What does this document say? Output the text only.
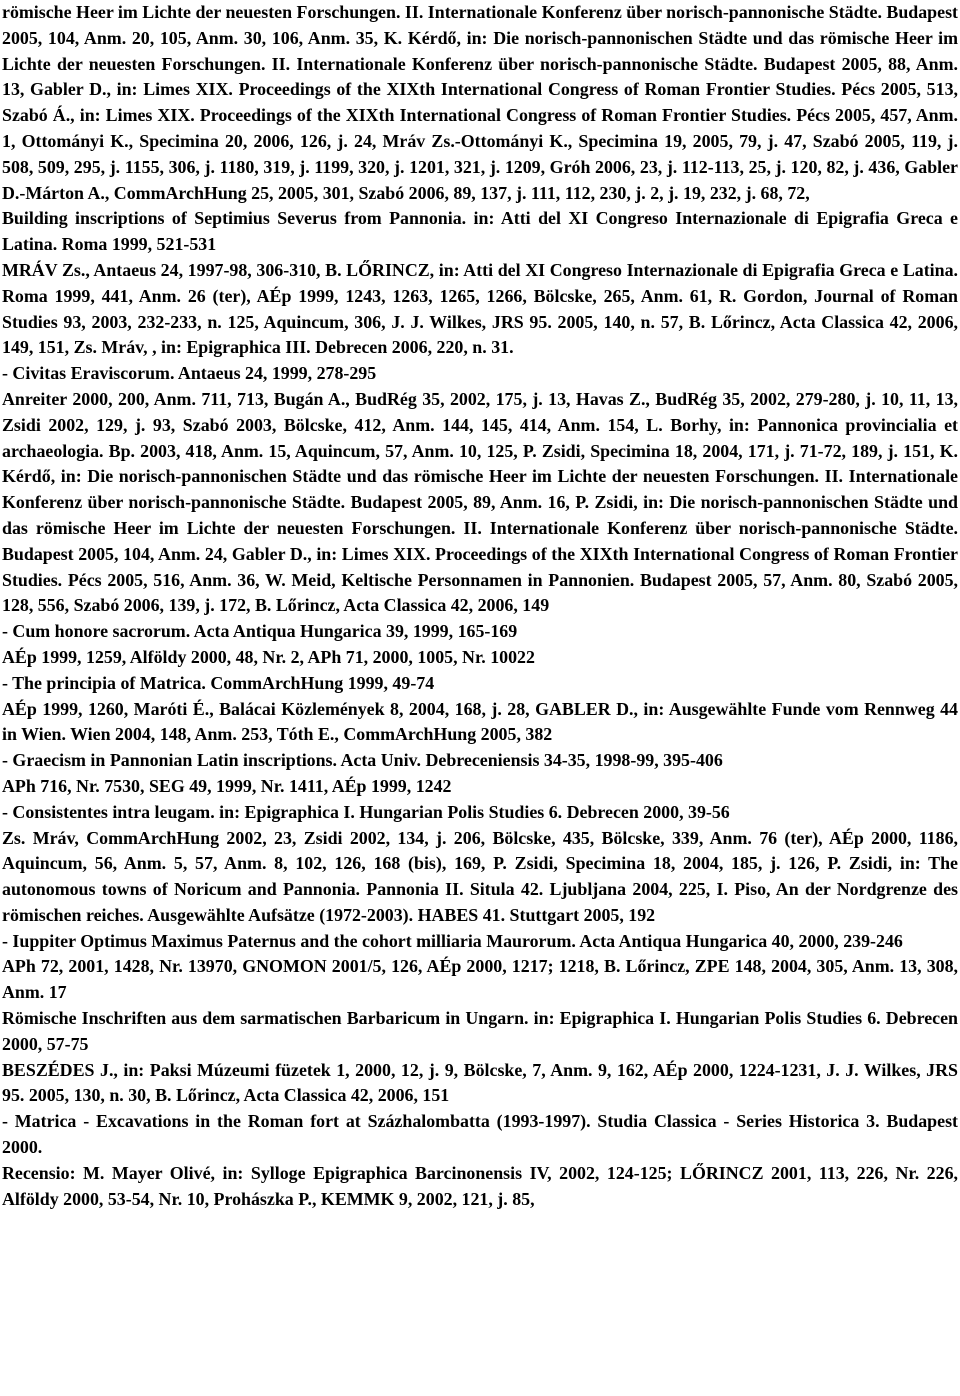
römische Heer im Lichte der neuesten Forschungen. II. Internationale Konferenz über norisch-pannonische Städte. Budapest 2005, 104, Anm. 20, 105, Anm. 30, 106, Anm. 35, K. Kérdő, in: Die norisch-pannonischen Städte und das römische Heer im Lichte der neuesten Forschungen. II. Internationale Konferenz über norisch-pannonische Städte. Budapest 2005, 88, Anm. 13, Gabler D., in: Limes XIX. Proceedings of the XIXth International Congress of Roman Frontier Studies. Pécs 2005, 513, Szabó Á., in: Limes XIX. Proceedings of the XIXth International Congress of Roman Frontier Studies. Pécs 2005, 457, Anm. 1, Ottományi K., Specimina 20, 2006, 126, j. 24, Mráv Zs.-Ottományi K., Specimina 19, 2005, 79, j. 47, Szabó 2005, 119, j. 508, 509, 295, j. 1155, 306, j. 1180, 319, j. 1199, 320, j. 1201, 321, j. 1209, Gróh 2006, 23, j. 112-113, 25, j. 120, 82, j. 436, Gabler D.-Márton A., CommArchHung 25, 2005, 301, Szabó 2006, 89, 137, j. 111, 112, 230, j. 2, j. 19, 232, j. 68, 72,

Building inscriptions of Septimius Severus from Pannonia. in: Atti del XI Congreso Internazionale di Epigrafia Greca e Latina. Roma 1999, 521-531

MRÁV Zs., Antaeus 24, 1997-98, 306-310, B. LŐRINCZ, in: Atti del XI Congreso Internazionale di Epigrafia Greca e Latina. Roma 1999, 441, Anm. 26 (ter), AÉp 1999, 1243, 1263, 1265, 1266, Bölcske, 265, Anm. 61, R. Gordon, Journal of Roman Studies 93, 2003, 232-233, n. 125, Aquincum, 306, J. J. Wilkes, JRS 95. 2005, 140, n. 57, B. Lőrincz, Acta Classica 42, 2006, 149, 151, Zs. Mráv, , in: Epigraphica III. Debrecen 2006, 220, n. 31.

- Civitas Eraviscorum. Antaeus 24, 1999, 278-295

Anreiter 2000, 200, Anm. 711, 713, Bugán A., BudRég 35, 2002, 175, j. 13, Havas Z., BudRég 35, 2002, 279-280, j. 10, 11, 13, Zsidi 2002, 129, j. 93, Szabó 2003, Bölcske, 412, Anm. 144, 145, 414, Anm. 154, L. Borhy, in: Pannonica provincialia et archaeologia. Bp. 2003, 418, Anm. 15, Aquincum, 57, Anm. 10, 125, P. Zsidi, Specimina 18, 2004, 171, j. 71-72, 189, j. 151, K. Kérdő, in: Die norisch-pannonischen Städte und das römische Heer im Lichte der neuesten Forschungen. II. Internationale Konferenz über norisch-pannonische Städte. Budapest 2005, 89, Anm. 16, P. Zsidi, in: Die norisch-pannonischen Städte und das römische Heer im Lichte der neuesten Forschungen. II. Internationale Konferenz über norisch-pannonische Städte. Budapest 2005, 104, Anm. 24, Gabler D., in: Limes XIX. Proceedings of the XIXth International Congress of Roman Frontier Studies. Pécs 2005, 516, Anm. 36, W. Meid, Keltische Personnamen in Pannonien. Budapest 2005, 57, Anm. 80, Szabó 2005, 128, 556, Szabó 2006, 139, j. 172, B. Lőrincz, Acta Classica 42, 2006, 149

- Cum honore sacrorum. Acta Antiqua Hungarica 39, 1999, 165-169

AÉp 1999, 1259, Alföldy 2000, 48, Nr. 2, APh 71, 2000, 1005, Nr. 10022

- The principia of Matrica. CommArchHung 1999, 49-74

AÉp 1999, 1260, Maróti É., Balácai Közlemények 8, 2004, 168, j. 28, GABLER D., in: Ausgewählte Funde vom Rennweg 44 in Wien. Wien 2004, 148, Anm. 253, Tóth E., CommArchHung 2005, 382

- Graecism in Pannonian Latin inscriptions. Acta Univ. Debreceniensis 34-35, 1998-99, 395-406

APh 716, Nr. 7530, SEG 49, 1999, Nr. 1411, AÉp 1999, 1242

- Consistentes intra leugam. in: Epigraphica I. Hungarian Polis Studies 6. Debrecen 2000, 39-56

Zs. Mráv, CommArchHung 2002, 23, Zsidi 2002, 134, j. 206, Bölcske, 435, Bölcske, 339, Anm. 76 (ter), AÉp 2000, 1186, Aquincum, 56, Anm. 5, 57, Anm. 8, 102, 126, 168 (bis), 169, P. Zsidi, Specimina 18, 2004, 185, j. 126, P. Zsidi, in: The autonomous towns of Noricum and Pannonia. Pannonia II. Situla 42. Ljubljana 2004, 225, I. Piso, An der Nordgrenze des römischen reiches. Ausgewählte Aufsätze (1972-2003). HABES 41. Stuttgart 2005, 192

- Iuppiter Optimus Maximus Paternus and the cohort milliaria Maurorum. Acta Antiqua Hungarica 40, 2000, 239-246

APh 72, 2001, 1428, Nr. 13970, GNOMON 2001/5, 126, AÉp 2000, 1217; 1218, B. Lőrincz, ZPE 148, 2004, 305, Anm. 13, 308, Anm. 17

Römische Inschriften aus dem sarmatischen Barbaricum in Ungarn. in: Epigraphica I. Hungarian Polis Studies 6. Debrecen 2000, 57-75

BESZÉDES J., in: Paksi Múzeumi füzetek 1, 2000, 12, j. 9, Bölcske, 7, Anm. 9, 162, AÉp 2000, 1224-1231, J. J. Wilkes, JRS 95. 2005, 130, n. 30, B. Lőrincz, Acta Classica 42, 2006, 151

- Matrica - Excavations in the Roman fort at Százhalombatta (1993-1997). Studia Classica - Series Historica 3. Budapest 2000.

Recensio: M. Mayer Olivé, in: Sylloge Epigraphica Barcinonensis IV, 2002, 124-125; LŐRINCZ 2001, 113, 226, Nr. 226, Alföldy 2000, 53-54, Nr. 10, Prohászka P., KEMMK 9, 2002, 121, j. 85,
